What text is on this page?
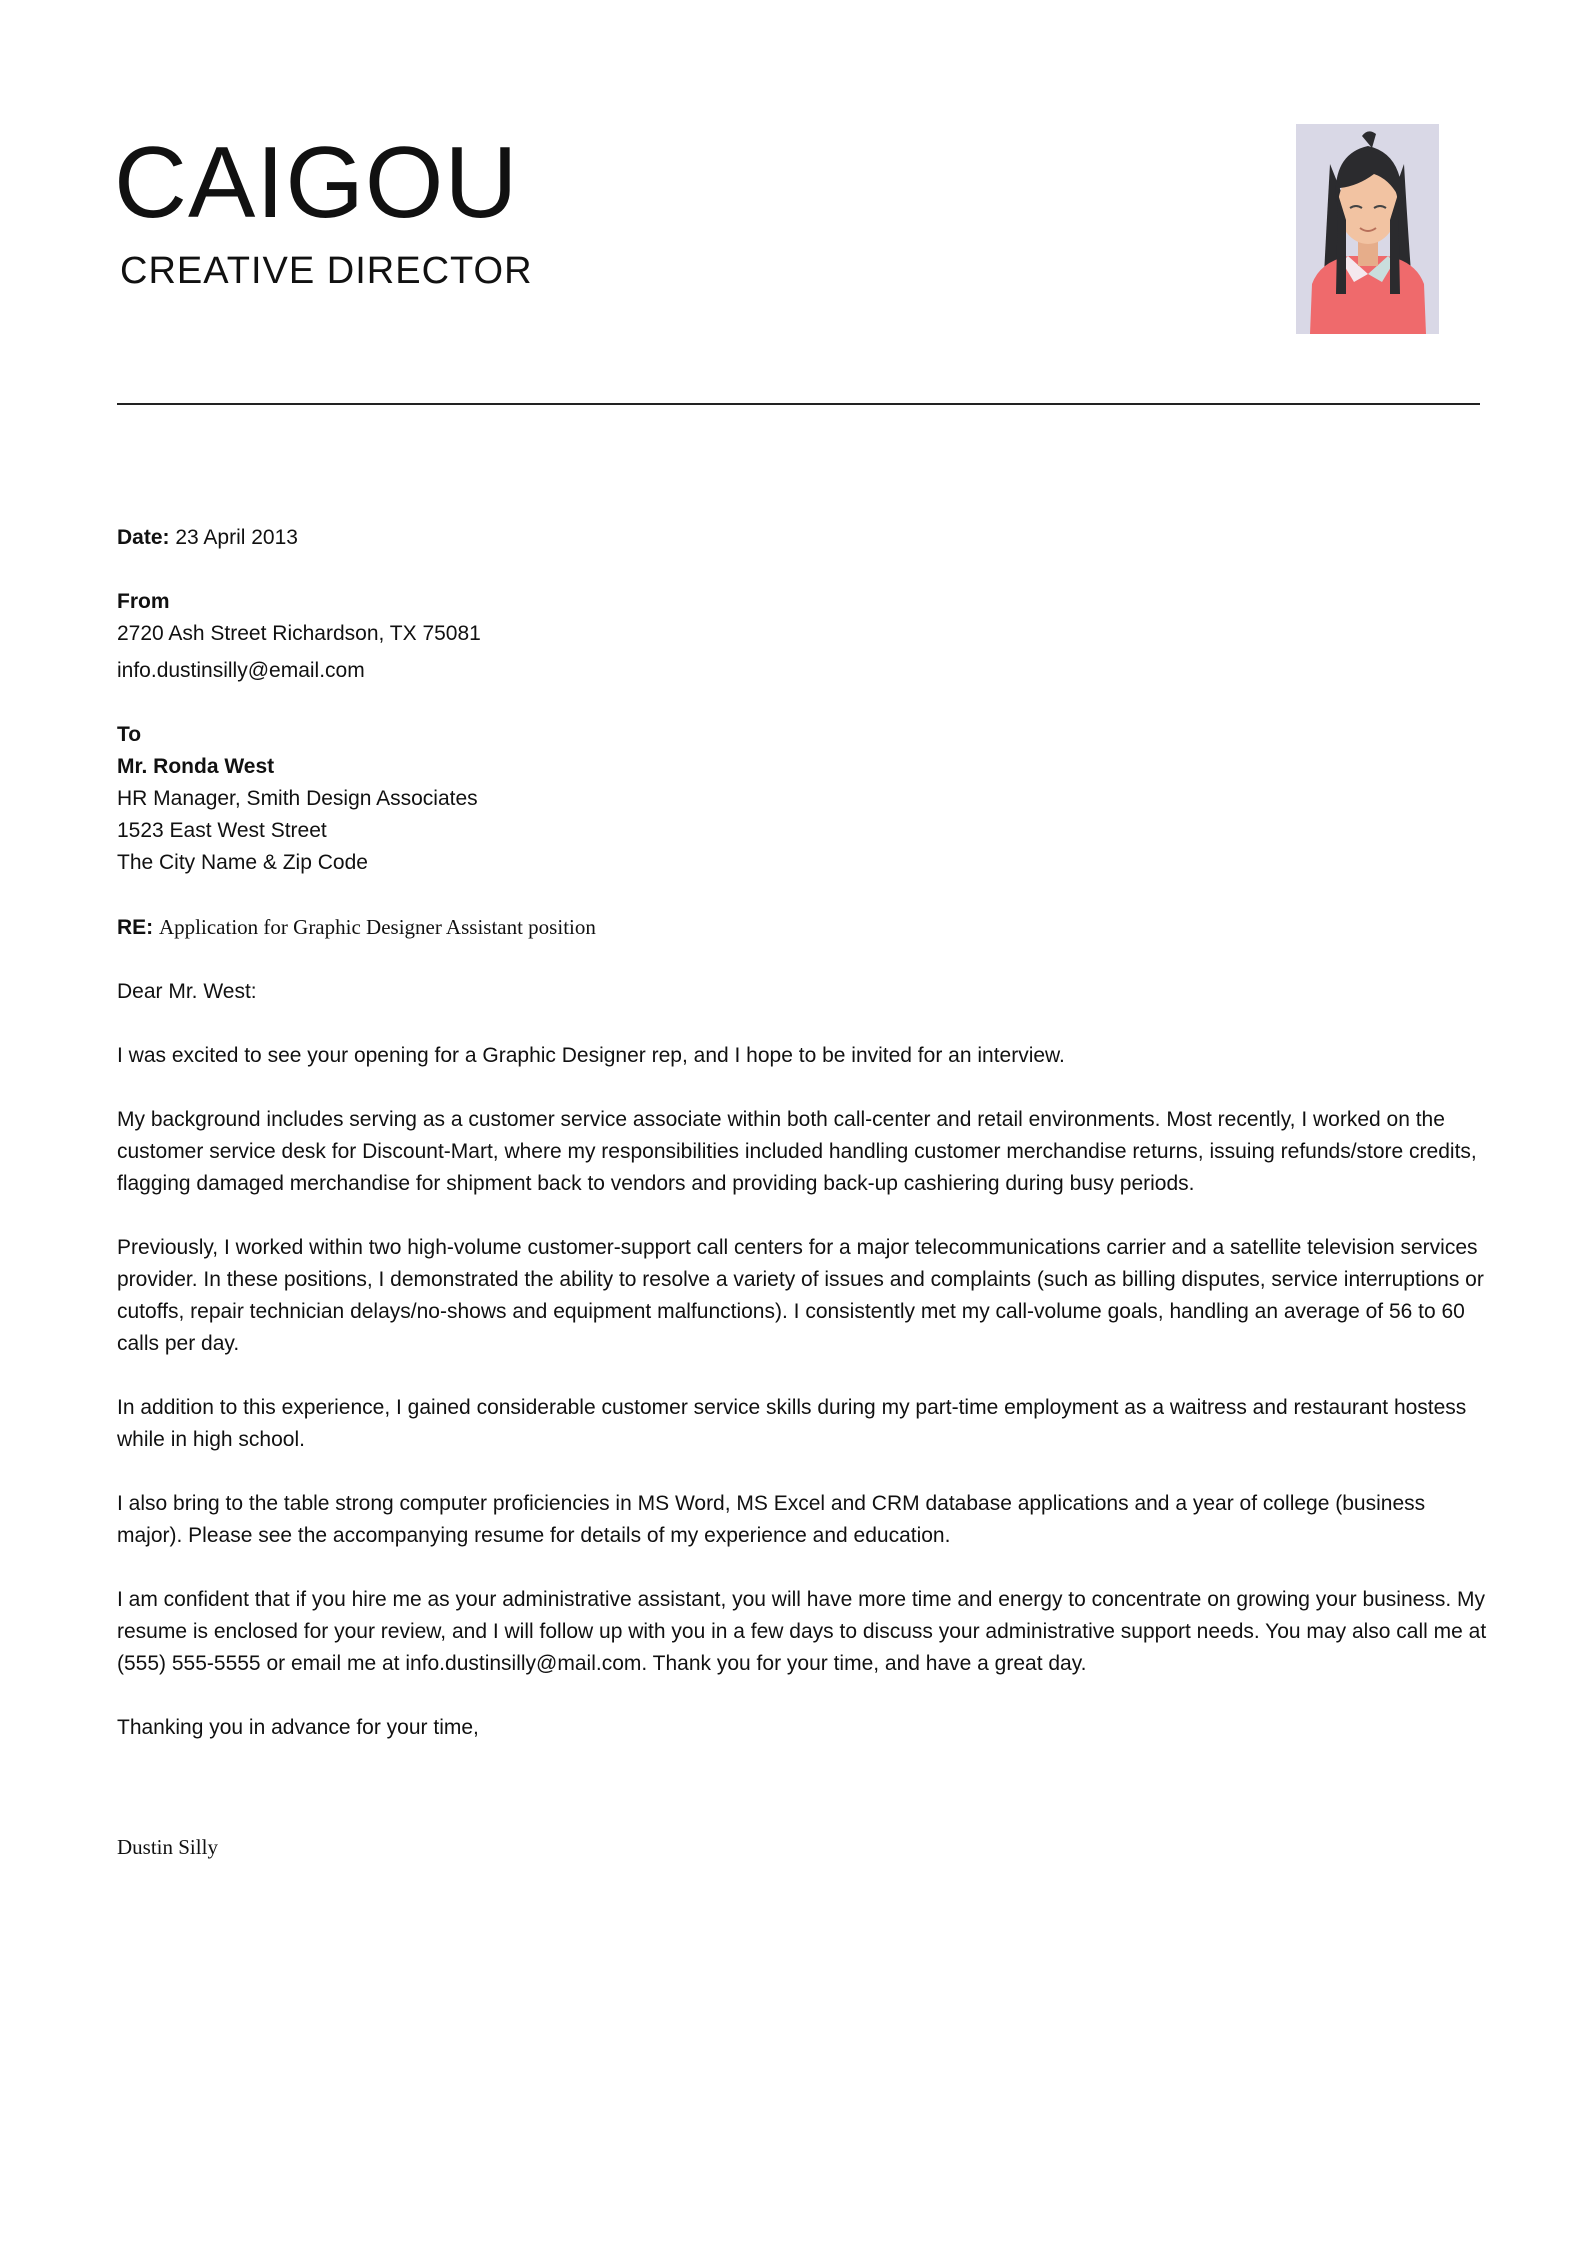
CAIGOU

CREATIVE DIRECTOR

Date: 23 April 2013

From

2720 Ash Street Richardson, TX 75081

info.dustinsilly@email.com

To

Mr. Ronda West

HR Manager, Smith Design Associates

1523 East West Street

The City Name & Zip Code

RE: Application for Graphic Designer Assistant position

Dear Mr. West:

I was excited to see your opening for a Graphic Designer rep, and I hope to be invited for an interview.

My background includes serving as a customer service associate within both call-center and retail environments. Most recently, I worked on the customer service desk for Discount-Mart, where my responsibilities included handling customer merchandise returns, issuing refunds/store credits, flagging damaged merchandise for shipment back to vendors and providing back-up cashiering during busy periods.

Previously, I worked within two high-volume customer-support call centers for a major telecommunications carrier and a satellite television services provider. In these positions, I demonstrated the ability to resolve a variety of issues and complaints (such as billing disputes, service interruptions or cutoffs, repair technician delays/no-shows and equipment malfunctions). I consistently met my call-volume goals, handling an average of 56 to 60 calls per day.

In addition to this experience, I gained considerable customer service skills during my part-time employment as a waitress and restaurant hostess while in high school.

I also bring to the table strong computer proficiencies in MS Word, MS Excel and CRM database applications and a year of college (business major). Please see the accompanying resume for details of my experience and education.

I am confident that if you hire me as your administrative assistant, you will have more time and energy to concentrate on growing your business. My resume is enclosed for your review, and I will follow up with you in a few days to discuss your administrative support needs. You may also call me at (555) 555-5555 or email me at info.dustinsilly@mail.com. Thank you for your time, and have a great day.

Thanking you in advance for your time,

Dustin Silly
